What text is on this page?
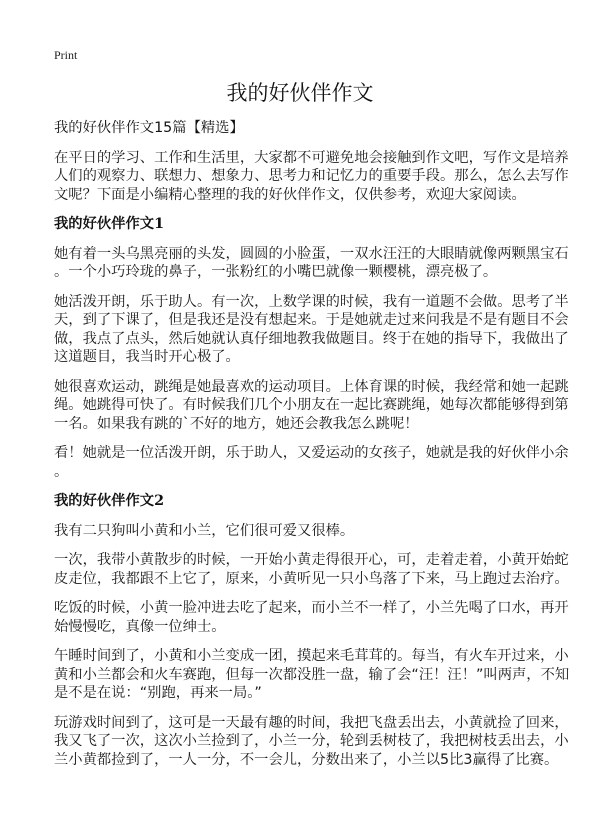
Print
我的好伙伴作文
我的好伙伴作文15篇【精选】
在平日的学习、工作和生活里，大家都不可避免地会接触到作文吧，写作文是培养
人们的观察力、联想力、想象力、思考力和记忆力的重要手段。那么，怎么去写作
文呢？下面是小编精心整理的我的好伙伴作文，仅供参考，欢迎大家阅读。
我的好伙伴作文1
她有着一头乌黑亮丽的头发，圆圆的小脸蛋，一双水汪汪的大眼睛就像两颗黑宝石
。一个小巧玲珑的鼻子，一张粉红的小嘴巴就像一颗樱桃，漂亮极了。
她活泼开朗，乐于助人。有一次，上数学课的时候，我有一道题不会做。思考了半
天，到了下课了，但是我还是没有想起来。于是她就走过来问我是不是有题目不会
做，我点了点头，然后她就认真仔细地教我做题目。终于在她的指导下，我做出了
这道题目，我当时开心极了。
她很喜欢运动，跳绳是她最喜欢的运动项目。上体育课的时候，我经常和她一起跳
绳。她跳得可快了。有时候我们几个小朋友在一起比赛跳绳，她每次都能够得到第
一名。如果我有跳的`不好的地方，她还会教我怎么跳呢！
看！她就是一位活泼开朗，乐于助人，又爱运动的女孩子，她就是我的好伙伴小余
。
我的好伙伴作文2
我有二只狗叫小黄和小兰，它们很可爱又很棒。
一次，我带小黄散步的时候，一开始小黄走得很开心，可，走着走着，小黄开始蛇
皮走位，我都跟不上它了，原来，小黄听见一只小鸟落了下来，马上跑过去治疗。
吃饭的时候，小黄一脸冲进去吃了起来，而小兰不一样了，小兰先喝了口水，再开
始慢慢吃，真像一位绅士。
午睡时间到了，小黄和小兰变成一团，摸起来毛茸茸的。每当，有火车开过来，小
黄和小兰都会和火车赛跑，但每一次都没胜一盘，输了会“汪！汪！”叫两声，不知
是不是在说：“别跑，再来一局。”
玩游戏时间到了，这可是一天最有趣的时间，我把飞盘丢出去，小黄就捡了回来，
我又飞了一次，这次小兰捡到了，小兰一分，轮到丢树枝了，我把树枝丢出去，小
兰小黄都捡到了，一人一分，不一会儿，分数出来了，小兰以5比3赢得了比赛。
